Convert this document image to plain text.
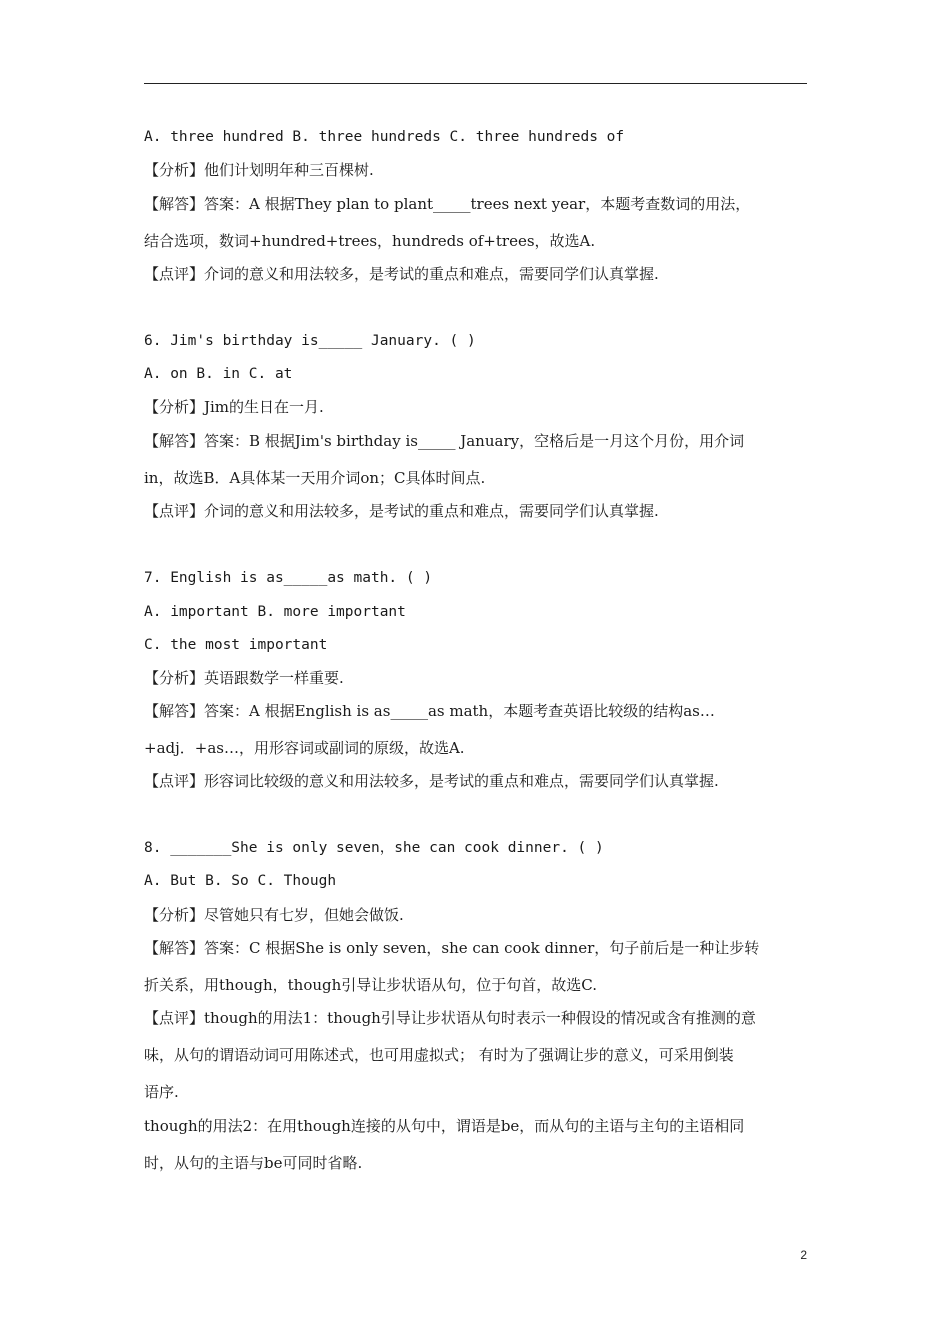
A. three hundred B. three hundreds C. three hundreds of
【分析】他们计划明年种三百棵树.
【解答】答案：A 根据They plan to plant_____trees next year，本题考查数词的用法，
结合选项，数词+hundred+trees，hundreds of+trees，故选A.
【点评】介词的意义和用法较多，是考试的重点和难点，需要同学们认真掌握.
6. Jim's birthday is_____ January. ( )
A. on B. in C. at
【分析】Jim的生日在一月.
【解答】答案：B 根据Jim's birthday is_____ January，空格后是一月这个月份，用介词
in，故选B．A具体某一天用介词on；C具体时间点.
【点评】介词的意义和用法较多，是考试的重点和难点，需要同学们认真掌握.
7. English is as_____as math. ( )
A. important B. more important
C. the most important
【分析】英语跟数学一样重要.
【解答】答案：A 根据English is as_____as math，本题考查英语比较级的结构as…
+adj．+as…，用形容词或副词的原级，故选A.
【点评】形容词比较级的意义和用法较多，是考试的重点和难点，需要同学们认真掌握.
8. _______She is only seven，she can cook dinner. ( )
A. But B. So C. Though
【分析】尽管她只有七岁，但她会做饭.
【解答】答案：C 根据She is only seven，she can cook dinner，句子前后是一种让步转
折关系，用though，though引导让步状语从句，位于句首，故选C.
【点评】though的用法1：though引导让步状语从句时表示一种假设的情况或含有推测的意
味，从句的谓语动词可用陈述式，也可用虚拟式； 有时为了强调让步的意义，可采用倒装
语序.
though的用法2：在用though连接的从句中，谓语是be，而从句的主语与主句的主语相同
时，从句的主语与be可同时省略.
2
